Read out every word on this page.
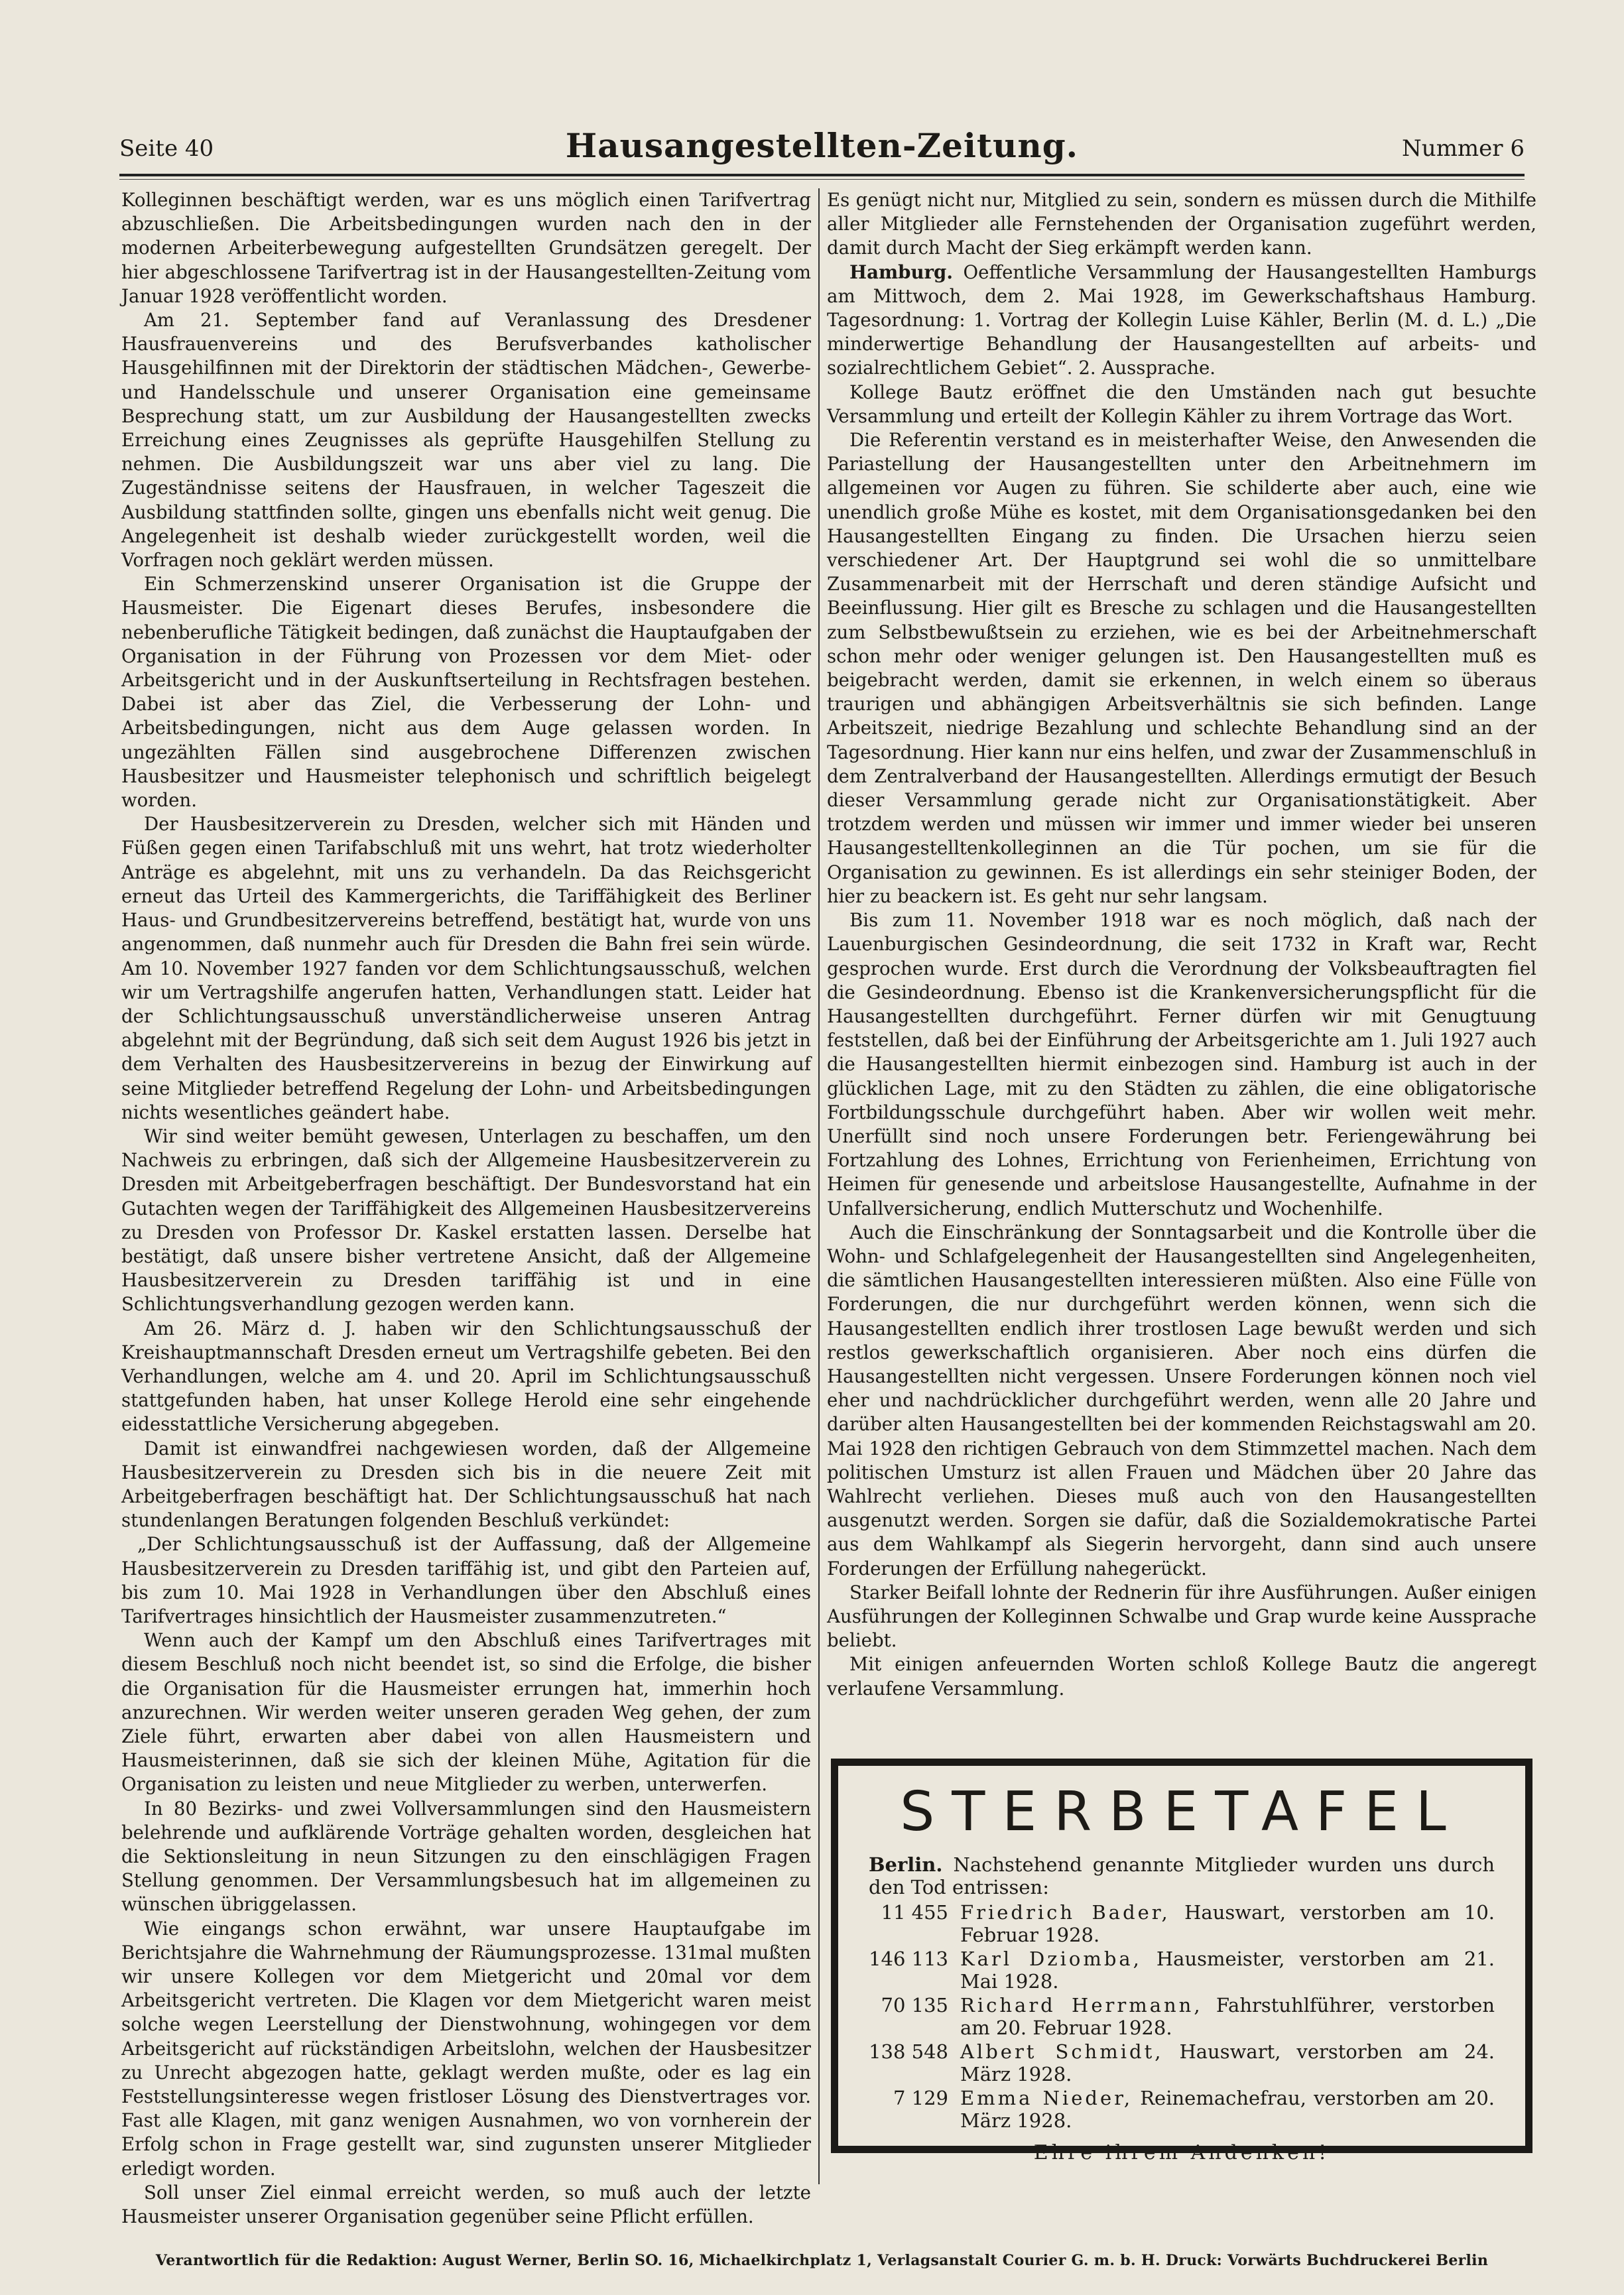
Seite 40	Hausangestellten-Zeitung.	Nummer 6

Kolleginnen beschäftigt werden, war es uns möglich einen Tarifvertrag abzuschließen. Die Arbeitsbedingungen wurden nach den in der modernen Arbeiterbewegung aufgestellten Grundsätzen geregelt. Der hier abgeschlossene Tarifvertrag ist in der Hausangestellten-Zeitung vom Januar 1928 veröffentlicht worden.

Am 21. September fand auf Veranlassung des Dresdener Hausfrauenvereins und des Berufsverbandes katholischer Hausgehilfinnen mit der Direktorin der städtischen Mädchen-, Gewerbe- und Handelsschule und unserer Organisation eine gemeinsame Besprechung statt, um zur Ausbildung der Hausangestellten zwecks Erreichung eines Zeugnisses als geprüfte Hausgehilfen Stellung zu nehmen. Die Ausbildungszeit war uns aber viel zu lang. Die Zugeständnisse seitens der Hausfrauen, in welcher Tageszeit die Ausbildung stattfinden sollte, gingen uns ebenfalls nicht weit genug. Die Angelegenheit ist deshalb wieder zurückgestellt worden, weil die Vorfragen noch geklärt werden müssen.

Ein Schmerzenskind unserer Organisation ist die Gruppe der Hausmeister. Die Eigenart dieses Berufes, insbesondere die nebenberufliche Tätigkeit bedingen, daß zunächst die Hauptaufgaben der Organisation in der Führung von Prozessen vor dem Miet- oder Arbeitsgericht und in der Auskunftserteilung in Rechtsfragen bestehen. Dabei ist aber das Ziel, die Verbesserung der Lohn- und Arbeitsbedingungen, nicht aus dem Auge gelassen worden. In ungezählten Fällen sind ausgebrochene Differenzen zwischen Hausbesitzer und Hausmeister telephonisch und schriftlich beigelegt worden.

Der Hausbesitzerverein zu Dresden, welcher sich mit Händen und Füßen gegen einen Tarifabschluß mit uns wehrt, hat trotz wiederholter Anträge es abgelehnt, mit uns zu verhandeln. Da das Reichsgericht erneut das Urteil des Kammergerichts, die Tariffähigkeit des Berliner Haus- und Grundbesitzervereins betreffend, bestätigt hat, wurde von uns angenommen, daß nunmehr auch für Dresden die Bahn frei sein würde. Am 10. November 1927 fanden vor dem Schlichtungsausschuß, welchen wir um Vertragshilfe angerufen hatten, Verhandlungen statt. Leider hat der Schlichtungsausschuß unverständlicherweise unseren Antrag abgelehnt mit der Begründung, daß sich seit dem August 1926 bis jetzt in dem Verhalten des Hausbesitzervereins in bezug der Einwirkung auf seine Mitglieder betreffend Regelung der Lohn- und Arbeitsbedingungen nichts wesentliches geändert habe.

Wir sind weiter bemüht gewesen, Unterlagen zu beschaffen, um den Nachweis zu erbringen, daß sich der Allgemeine Hausbesitzerverein zu Dresden mit Arbeitgeberfragen beschäftigt. Der Bundesvorstand hat ein Gutachten wegen der Tariffähigkeit des Allgemeinen Hausbesitzervereins zu Dresden von Professor Dr. Kaskel erstatten lassen. Derselbe hat bestätigt, daß unsere bisher vertretene Ansicht, daß der Allgemeine Hausbesitzerverein zu Dresden tariffähig ist und in eine Schlichtungsverhandlung gezogen werden kann.

Am 26. März d. J. haben wir den Schlichtungsausschuß der Kreishauptmannschaft Dresden erneut um Vertragshilfe gebeten. Bei den Verhandlungen, welche am 4. und 20. April im Schlichtungsausschuß stattgefunden haben, hat unser Kollege Herold eine sehr eingehende eidesstattliche Versicherung abgegeben.

Damit ist einwandfrei nachgewiesen worden, daß der Allgemeine Hausbesitzerverein zu Dresden sich bis in die neuere Zeit mit Arbeitgeberfragen beschäftigt hat. Der Schlichtungsausschuß hat nach stundenlangen Beratungen folgenden Beschluß verkündet:

„Der Schlichtungsausschuß ist der Auffassung, daß der Allgemeine Hausbesitzerverein zu Dresden tariffähig ist, und gibt den Parteien auf, bis zum 10. Mai 1928 in Verhandlungen über den Abschluß eines Tarifvertrages hinsichtlich der Hausmeister zusammenzutreten.“

Wenn auch der Kampf um den Abschluß eines Tarifvertrages mit diesem Beschluß noch nicht beendet ist, so sind die Erfolge, die bisher die Organisation für die Hausmeister errungen hat, immerhin hoch anzurechnen. Wir werden weiter unseren geraden Weg gehen, der zum Ziele führt, erwarten aber dabei von allen Hausmeistern und Hausmeisterinnen, daß sie sich der kleinen Mühe, Agitation für die Organisation zu leisten und neue Mitglieder zu werben, unterwerfen.

In 80 Bezirks- und zwei Vollversammlungen sind den Hausmeistern belehrende und aufklärende Vorträge gehalten worden, desgleichen hat die Sektionsleitung in neun Sitzungen zu den einschlägigen Fragen Stellung genommen. Der Versammlungsbesuch hat im allgemeinen zu wünschen übriggelassen.

Wie eingangs schon erwähnt, war unsere Hauptaufgabe im Berichtsjahre die Wahrnehmung der Räumungsprozesse. 131mal mußten wir unsere Kollegen vor dem Mietgericht und 20mal vor dem Arbeitsgericht vertreten. Die Klagen vor dem Mietgericht waren meist solche wegen Leerstellung der Dienstwohnung, wohingegen vor dem Arbeitsgericht auf rückständigen Arbeitslohn, welchen der Hausbesitzer zu Unrecht abgezogen hatte, geklagt werden mußte, oder es lag ein Feststellungsinteresse wegen fristloser Lösung des Dienstvertrages vor. Fast alle Klagen, mit ganz wenigen Ausnahmen, wo von vornherein der Erfolg schon in Frage gestellt war, sind zugunsten unserer Mitglieder erledigt worden.

Soll unser Ziel einmal erreicht werden, so muß auch der letzte Hausmeister unserer Organisation gegenüber seine Pflicht erfüllen.

Es genügt nicht nur, Mitglied zu sein, sondern es müssen durch die Mithilfe aller Mitglieder alle Fernstehenden der Organisation zugeführt werden, damit durch Macht der Sieg erkämpft werden kann.

Hamburg. Oeffentliche Versammlung der Hausangestellten Hamburgs am Mittwoch, dem 2. Mai 1928, im Gewerkschaftshaus Hamburg. Tagesordnung: 1. Vortrag der Kollegin Luise Kähler, Berlin (M. d. L.) „Die minderwertige Behandlung der Hausangestellten auf arbeits- und sozialrechtlichem Gebiet“. 2. Aussprache.

Kollege Bautz eröffnet die den Umständen nach gut besuchte Versammlung und erteilt der Kollegin Kähler zu ihrem Vortrage das Wort.

Die Referentin verstand es in meisterhafter Weise, den Anwesenden die Pariastellung der Hausangestellten unter den Arbeitnehmern im allgemeinen vor Augen zu führen. Sie schilderte aber auch, eine wie unendlich große Mühe es kostet, mit dem Organisationsgedanken bei den Hausangestellten Eingang zu finden. Die Ursachen hierzu seien verschiedener Art. Der Hauptgrund sei wohl die so unmittelbare Zusammenarbeit mit der Herrschaft und deren ständige Aufsicht und Beeinflussung. Hier gilt es Bresche zu schlagen und die Hausangestellten zum Selbstbewußtsein zu erziehen, wie es bei der Arbeitnehmerschaft schon mehr oder weniger gelungen ist. Den Hausangestellten muß es beigebracht werden, damit sie erkennen, in welch einem so überaus traurigen und abhängigen Arbeitsverhältnis sie sich befinden. Lange Arbeitszeit, niedrige Bezahlung und schlechte Behandlung sind an der Tagesordnung. Hier kann nur eins helfen, und zwar der Zusammenschluß in dem Zentralverband der Hausangestellten. Allerdings ermutigt der Besuch dieser Versammlung gerade nicht zur Organisationstätigkeit. Aber trotzdem werden und müssen wir immer und immer wieder bei unseren Hausangestelltenkolleginnen an die Tür pochen, um sie für die Organisation zu gewinnen. Es ist allerdings ein sehr steiniger Boden, der hier zu beackern ist. Es geht nur sehr langsam.

Bis zum 11. November 1918 war es noch möglich, daß nach der Lauenburgischen Gesindeordnung, die seit 1732 in Kraft war, Recht gesprochen wurde. Erst durch die Verordnung der Volksbeauftragten fiel die Gesindeordnung. Ebenso ist die Krankenversicherungspflicht für die Hausangestellten durchgeführt. Ferner dürfen wir mit Genugtuung feststellen, daß bei der Einführung der Arbeitsgerichte am 1. Juli 1927 auch die Hausangestellten hiermit einbezogen sind. Hamburg ist auch in der glücklichen Lage, mit zu den Städten zu zählen, die eine obligatorische Fortbildungsschule durchgeführt haben. Aber wir wollen weit mehr. Unerfüllt sind noch unsere Forderungen betr. Feriengewährung bei Fortzahlung des Lohnes, Errichtung von Ferienheimen, Errichtung von Heimen für genesende und arbeitslose Hausangestellte, Aufnahme in der Unfallversicherung, endlich Mutterschutz und Wochenhilfe.

Auch die Einschränkung der Sonntagsarbeit und die Kontrolle über die Wohn- und Schlafgelegenheit der Hausangestellten sind Angelegenheiten, die sämtlichen Hausangestellten interessieren müßten. Also eine Fülle von Forderungen, die nur durchgeführt werden können, wenn sich die Hausangestellten endlich ihrer trostlosen Lage bewußt werden und sich restlos gewerkschaftlich organisieren. Aber noch eins dürfen die Hausangestellten nicht vergessen. Unsere Forderungen können noch viel eher und nachdrücklicher durchgeführt werden, wenn alle 20 Jahre und darüber alten Hausangestellten bei der kommenden Reichstagswahl am 20. Mai 1928 den richtigen Gebrauch von dem Stimmzettel machen. Nach dem politischen Umsturz ist allen Frauen und Mädchen über 20 Jahre das Wahlrecht verliehen. Dieses muß auch von den Hausangestellten ausgenutzt werden. Sorgen sie dafür, daß die Sozialdemokratische Partei aus dem Wahlkampf als Siegerin hervorgeht, dann sind auch unsere Forderungen der Erfüllung nahegerückt.

Starker Beifall lohnte der Rednerin für ihre Ausführungen. Außer einigen Ausführungen der Kolleginnen Schwalbe und Grap wurde keine Aussprache beliebt.

Mit einigen anfeuernden Worten schloß Kollege Bautz die angeregt verlaufene Versammlung.

STERBETAFEL

Berlin. Nachstehend genannte Mitglieder wurden uns durch den Tod entrissen:

11 455 Friedrich Bader, Hauswart, verstorben am 10. Februar 1928.
146 113 Karl Dziomba, Hausmeister, verstorben am 21. Mai 1928.
70 135 Richard Herrmann, Fahrstuhlführer, verstorben am 20. Februar 1928.
138 548 Albert Schmidt, Hauswart, verstorben am 24. März 1928.
7 129 Emma Nieder, Reinemachefrau, verstorben am 20. März 1928.
Ehre ihrem Andenken!
Verantwortlich für die Redaktion: August Werner, Berlin SO. 16, Michaelkirchplatz 1, Verlagsanstalt Courier G. m. b. H. Druck: Vorwärts Buchdruckerei Berlin
